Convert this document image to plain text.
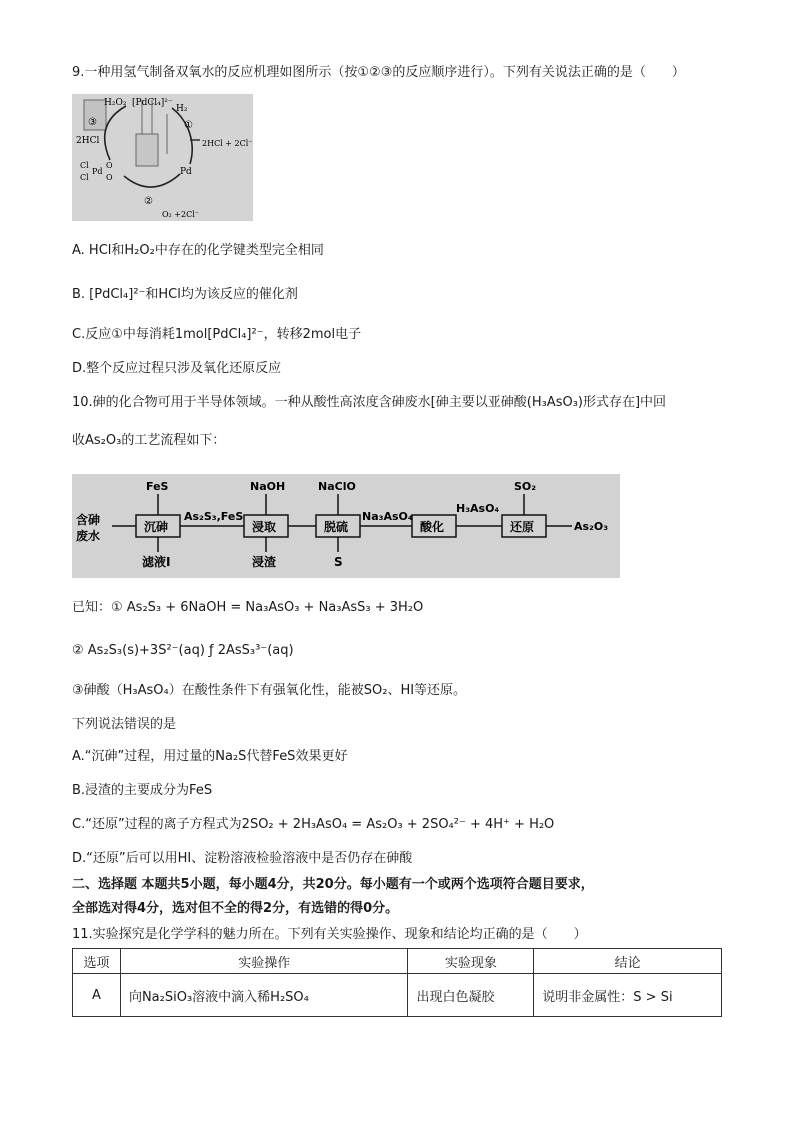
9.一种用氢气制备双氧水的反应机理如图所示（按①②③的反应顺序进行）。下列有关说法正确的是（　　）
H₂O₂ [PdCl₄]²⁻
H₂
①
2HCl + 2Cl⁻
Pd
③
2HCl
Cl
Cl
Pd
O
O
②
O₂ +2Cl⁻
A. HCl和H₂O₂中存在的化学键类型完全相同
B. [PdCl₄]²⁻和HCl均为该反应的催化剂
C.反应①中每消耗1mol[PdCl₄]²⁻，转移2mol电子
D.整个反应过程只涉及氧化还原反应
10.砷的化合物可用于半导体领域。一种从酸性高浓度含砷废水[砷主要以亚砷酸(H₃AsO₃)形式存在]中回
收As₂O₃的工艺流程如下：
含砷
废水
FeS
沉砷
滤液I
As₂S₃,FeS
NaOH
浸取
浸渣
NaClO
脱硫
S
Na₃AsO₄
酸化
H₃AsO₄
SO₂
还原	As₂O₃
已知：① As₂S₃ + 6NaOH = Na₃AsO₃ + Na₃AsS₃ + 3H₂O
② As₂S₃(s)+3S²⁻(aq) ƒ 2AsS₃³⁻(aq)
③砷酸（H₃AsO₄）在酸性条件下有强氧化性，能被SO₂、HI等还原。
下列说法错误的是
A.“沉砷”过程，用过量的Na₂S代替FeS效果更好
B.浸渣的主要成分为FeS
C.“还原”过程的离子方程式为2SO₂ + 2H₃AsO₄ = As₂O₃ + 2SO₄²⁻ + 4H⁺ + H₂O
D.“还原”后可以用HI、淀粉溶液检验溶液中是否仍存在砷酸
二、选择题 本题共5小题，每小题4分，共20分。每小题有一个或两个选项符合题目要求，
全部选对得4分，选对但不全的得2分，有选错的得0分。
11.实验探究是化学学科的魅力所在。下列有关实验操作、现象和结论均正确的是（　　）
选项	实验操作	实验现象	结论
A	向Na₂SiO₃溶液中滴入稀H₂SO₄	出现白色凝胶	说明非金属性：S > Si
